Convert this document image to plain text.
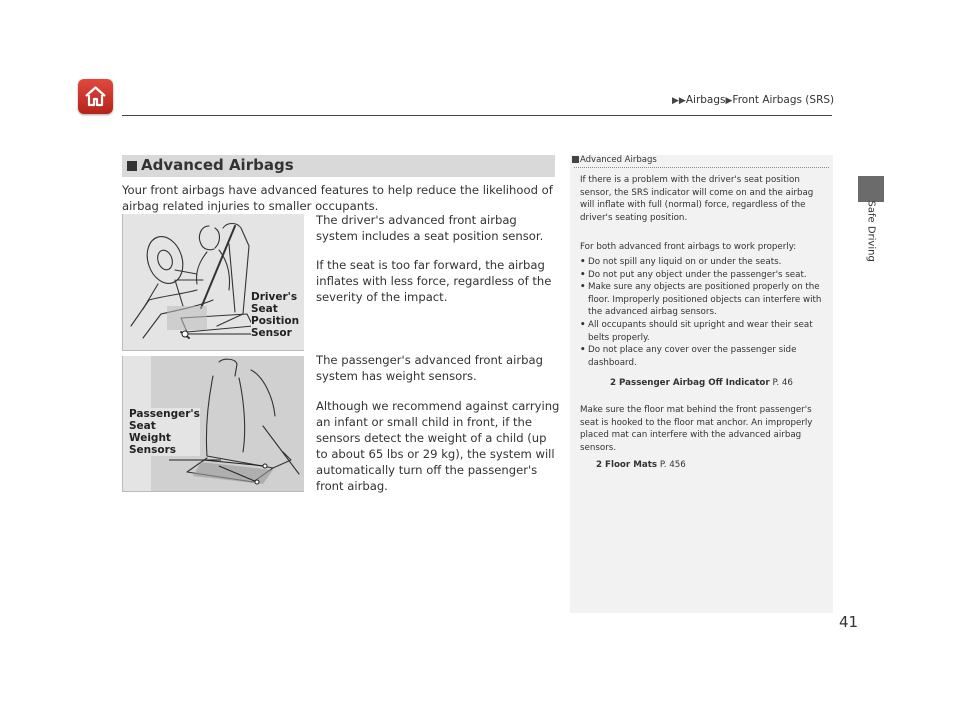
▶▶Airbags▶Front Airbags (SRS)
Safe Driving
Advanced Airbags
Your front airbags have advanced features to help reduce the likelihood of airbag related injuries to smaller occupants.
Driver's
Seat
Position
Sensor
The driver's advanced front airbag system includes a seat position sensor.
If the seat is too far forward, the airbag inflates with less force, regardless of the severity of the impact.
Passenger's
Seat
Weight
Sensors
The passenger's advanced front airbag system has weight sensors.
Although we recommend against carrying an infant or small child in front, if the sensors detect the weight of a child (up to about 65 lbs or 29 kg), the system will automatically turn off the passenger's front airbag.
Advanced Airbags
If there is a problem with the driver's seat position sensor, the SRS indicator will come on and the airbag will inflate with full (normal) force, regardless of the driver's seating position.
For both advanced front airbags to work properly:
• Do not spill any liquid on or under the seats.
• Do not put any object under the passenger's seat.
• Make sure any objects are positioned properly on the floor. Improperly positioned objects can interfere with the advanced airbag sensors.
• All occupants should sit upright and wear their seat belts properly.
• Do not place any cover over the passenger side dashboard.
2 Passenger Airbag Off Indicator P. 46
Make sure the floor mat behind the front passenger's seat is hooked to the floor mat anchor. An improperly placed mat can interfere with the advanced airbag sensors.
2 Floor Mats P. 456
41
